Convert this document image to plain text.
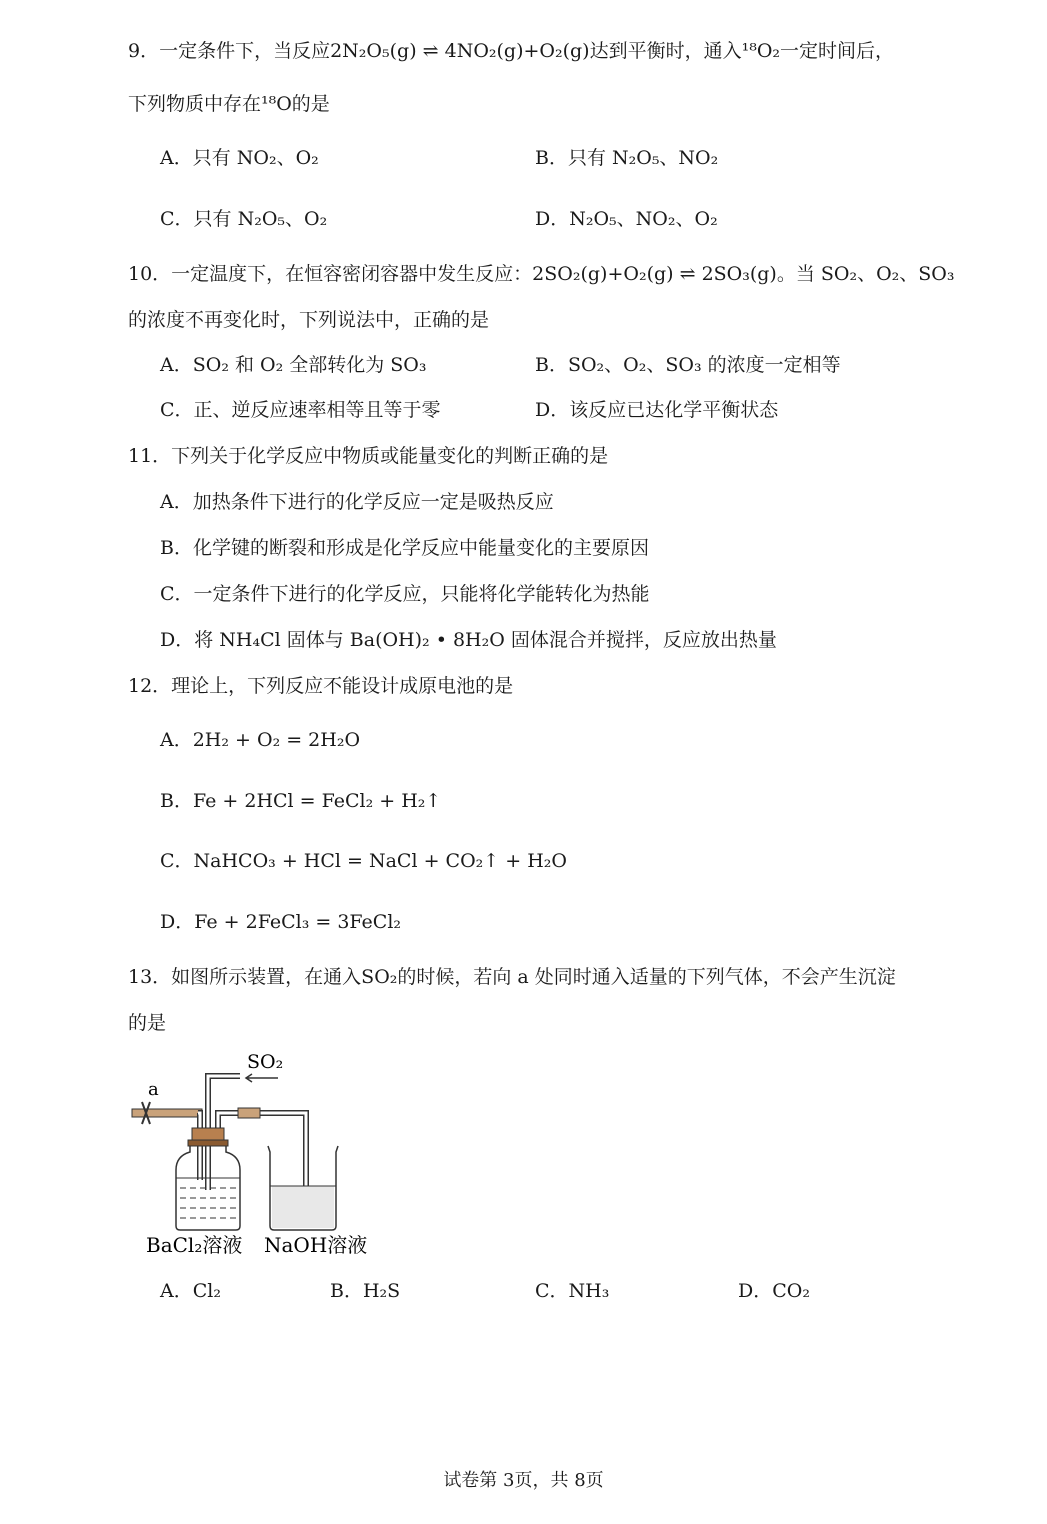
9．一定条件下，当反应2N₂O₅(g) ⇌ 4NO₂(g)+O₂(g)达到平衡时，通入¹⁸O₂一定时间后，
下列物质中存在¹⁸O的是
A．只有 NO₂、O₂	B．只有 N₂O₅、NO₂
C．只有 N₂O₅、O₂	D．N₂O₅、NO₂、O₂
10．一定温度下，在恒容密闭容器中发生反应：2SO₂(g)+O₂(g) ⇌ 2SO₃(g)。当 SO₂、O₂、SO₃
的浓度不再变化时，下列说法中，正确的是
A．SO₂ 和 O₂ 全部转化为 SO₃	B．SO₂、O₂、SO₃ 的浓度一定相等
C．正、逆反应速率相等且等于零	D．该反应已达化学平衡状态
11．下列关于化学反应中物质或能量变化的判断正确的是
A．加热条件下进行的化学反应一定是吸热反应
B．化学键的断裂和形成是化学反应中能量变化的主要原因
C．一定条件下进行的化学反应，只能将化学能转化为热能
D．将 NH₄Cl 固体与 Ba(OH)₂ • 8H₂O 固体混合并搅拌，反应放出热量
12．理论上，下列反应不能设计成原电池的是
A．2H₂ + O₂ = 2H₂O
B．Fe + 2HCl = FeCl₂ + H₂↑
C．NaHCO₃ + HCl = NaCl + CO₂↑ + H₂O
D．Fe + 2FeCl₃ = 3FeCl₂
13．如图所示装置，在通入SO₂的时候，若向 a 处同时通入适量的下列气体，不会产生沉淀
的是
a
SO₂
BaCl₂溶液 NaOH溶液
A．Cl₂	B．H₂S	C．NH₃	D．CO₂
试卷第 3页，共 8页
